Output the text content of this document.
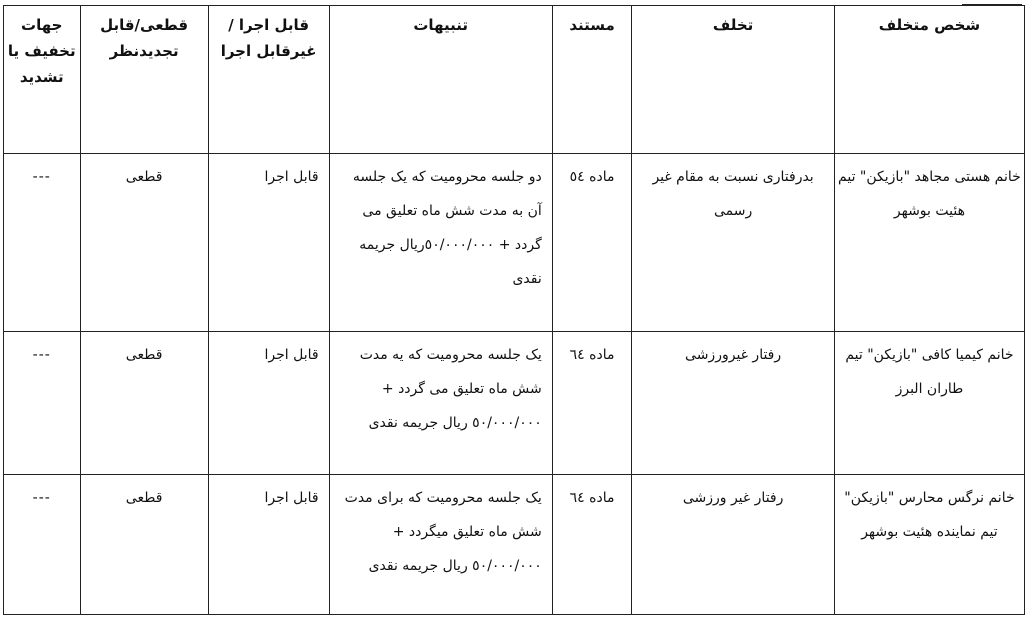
شخص متخلف	تخلف	مستند	تنبیهات	قابل اجرا /غیرقابل اجرا	قطعی/قابل تجدیدنظر	جهات تخفیف یا تشدید
خانم هستی مجاهد "بازیکن" تیم هئیت بوشهر	بدرفتاری نسبت به مقام غیر رسمی	ماده ٥٤	دو جلسه محرومیت که یک جلسه آن به مدت شش ماه تعلیق می گردد + ٥٠/٠٠٠/٠٠٠ریال جریمه نقدی	قابل اجرا	قطعی	---
خانم کیمیا کافی "بازیکن" تیم طاران البرز	رفتار غیرورزشی	ماده ٦٤	یک جلسه محرومیت که یه مدت شش ماه تعلیق می گردد + ٥٠/٠٠٠/٠٠٠ ریال جریمه نقدی	قابل اجرا	قطعی	---
خانم نرگس محارس "بازیکن" تیم نماینده هئیت بوشهر	رفتار غیر ورزشی	ماده ٦٤	یک جلسه محرومیت که برای مدت شش ماه تعلیق میگردد + ٥٠/٠٠٠/٠٠٠ ریال جریمه نقدی	قابل اجرا	قطعی	---
